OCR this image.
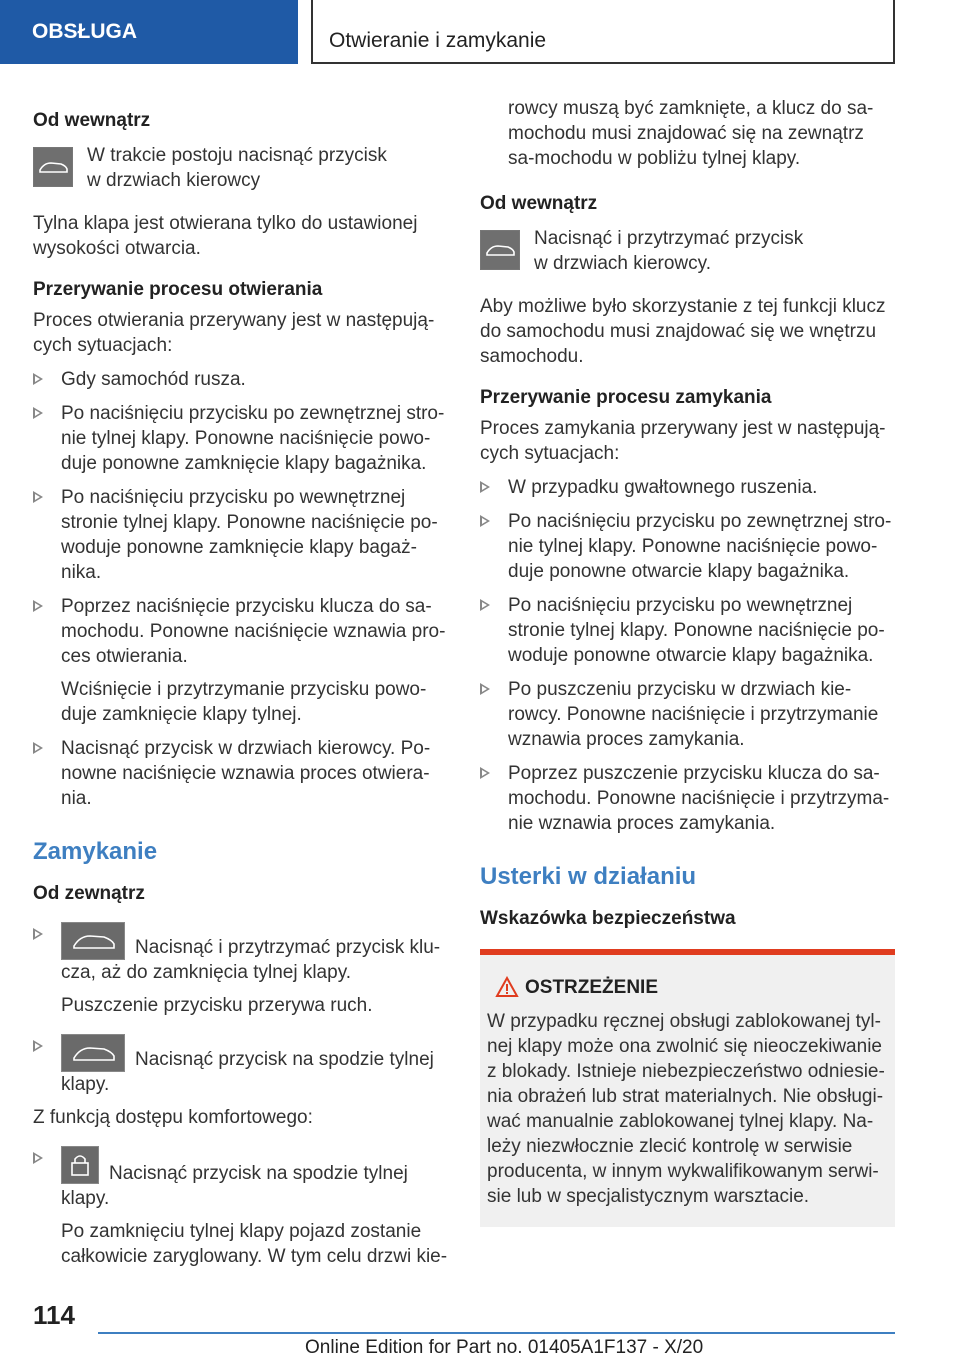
OBSŁUGA	Otwieranie i zamykanie

Od wewnątrz

W trakcie postoju nacisnąć przycisk

w drzwiach kierowcy

Tylna klapa jest otwierana tylko do ustawionej wysokości otwarcia.

Przerywanie procesu otwierania

Proces otwierania przerywany jest w następują-cych sytuacjach:

Gdy samochód rusza.
Po naciśnięciu przycisku po zewnętrznej stro-nie tylnej klapy. Ponowne naciśnięcie powo-duje ponowne zamknięcie klapy bagażnika.
Po naciśnięciu przycisku po wewnętrznej stronie tylnej klapy. Ponowne naciśnięcie po-woduje ponowne zamknięcie klapy bagaż-nika.
Poprzez naciśnięcie przycisku klucza do sa-mochodu. Ponowne naciśnięcie wznawia pro-ces otwierania.

Wciśnięcie i przytrzymanie przycisku powo-duje zamknięcie klapy tylnej.

Nacisnąć przycisk w drzwiach kierowcy. Po-nowne naciśnięcie wznawia proces otwiera-nia.

Zamykanie

Od zewnątrz

Nacisnąć i przytrzymać przycisk klu-cza, aż do zamknięcia tylnej klapy.

Puszczenie przycisku przerywa ruch.

Nacisnąć przycisk na spodzie tylnej klapy.

Z funkcją dostępu komfortowego:

Nacisnąć przycisk na spodzie tylnej klapy.

Po zamknięciu tylnej klapy pojazd zostanie całkowicie zaryglowany. W tym celu drzwi kie-

rowcy muszą być zamknięte, a klucz do sa-mochodu musi znajdować się na zewnątrz sa-mochodu w pobliżu tylnej klapy.

Od wewnątrz

Nacisnąć i przytrzymać przycisk

w drzwiach kierowcy.

Aby możliwe było skorzystanie z tej funkcji klucz do samochodu musi znajdować się we wnętrzu samochodu.

Przerywanie procesu zamykania

Proces zamykania przerywany jest w następują-cych sytuacjach:

W przypadku gwałtownego ruszenia.
Po naciśnięciu przycisku po zewnętrznej stro-nie tylnej klapy. Ponowne naciśnięcie powo-duje ponowne otwarcie klapy bagażnika.
Po naciśnięciu przycisku po wewnętrznej stronie tylnej klapy. Ponowne naciśnięcie po-woduje ponowne otwarcie klapy bagażnika.
Po puszczeniu przycisku w drzwiach kie-rowcy. Ponowne naciśnięcie i przytrzymanie wznawia proces zamykania.
Poprzez puszczenie przycisku klucza do sa-mochodu. Ponowne naciśnięcie i przytrzyma-nie wznawia proces zamykania.

Usterki w działaniu

Wskazówka bezpieczeństwa

OSTRZEŻENIE

W przypadku ręcznej obsługi zablokowanej tyl-nej klapy może ona zwolnić się nieoczekiwanie z blokady. Istnieje niebezpieczeństwo odniesie-nia obrażeń lub strat materialnych. Nie obsługi-wać manualnie zablokowanej tylnej klapy. Na-leży niezwłocznie zlecić kontrolę w serwisie producenta, w innym wykwalifikowanym serwi-sie lub w specjalistycznym warsztacie.

114
Online Edition for Part no. 01405A1F137 - X/20
